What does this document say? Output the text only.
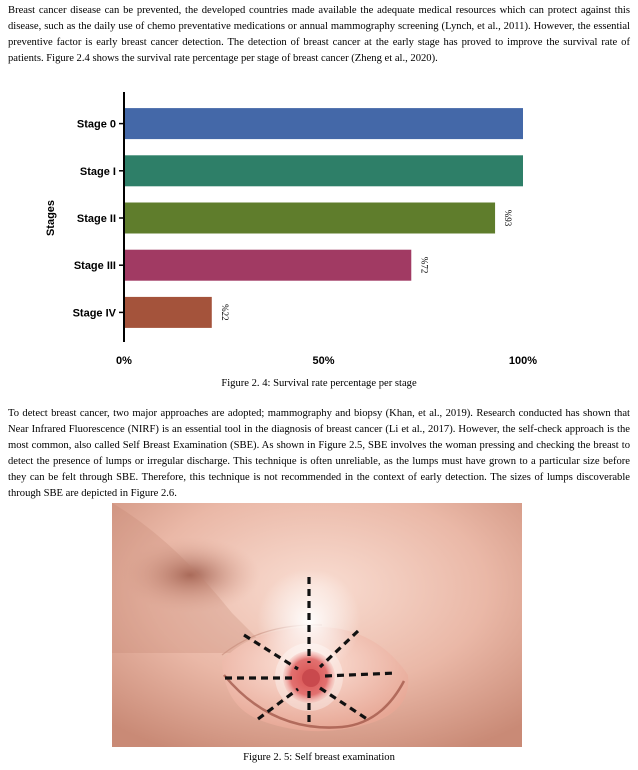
Breast cancer disease can be prevented, the developed countries made available the adequate medical resources which can protect against this disease, such as the daily use of chemo preventative medications or annual mammography screening (Lynch, et al., 2011). However, the essential preventive factor is early breast cancer detection. The detection of breast cancer at the early stage has proved to improve the survival rate of patients. Figure 2.4 shows the survival rate percentage per stage of breast cancer (Zheng et al., 2020).

Stage 0
Stage I
Stage II
Stage III
Stage IV
%93
%72
%22
0%	50%	100%
Stages
Figure 2. 4: Survival rate percentage per stage

To detect breast cancer, two major approaches are adopted; mammography and biopsy (Khan, et al., 2019). Research conducted has shown that Near Infrared Fluorescence (NIRF) is an essential tool in the diagnosis of breast cancer (Li et al., 2017). However, the self-check approach is the most common, also called Self Breast Examination (SBE). As shown in Figure 2.5, SBE involves the woman pressing and checking the breast to detect the presence of lumps or irregular discharge. This technique is often unreliable, as the lumps must have grown to a particular size before they can be felt through SBE. Therefore, this technique is not recommended in the context of early detection. The sizes of lumps discoverable through SBE are depicted in Figure 2.6.

Figure 2. 5: Self breast examination
